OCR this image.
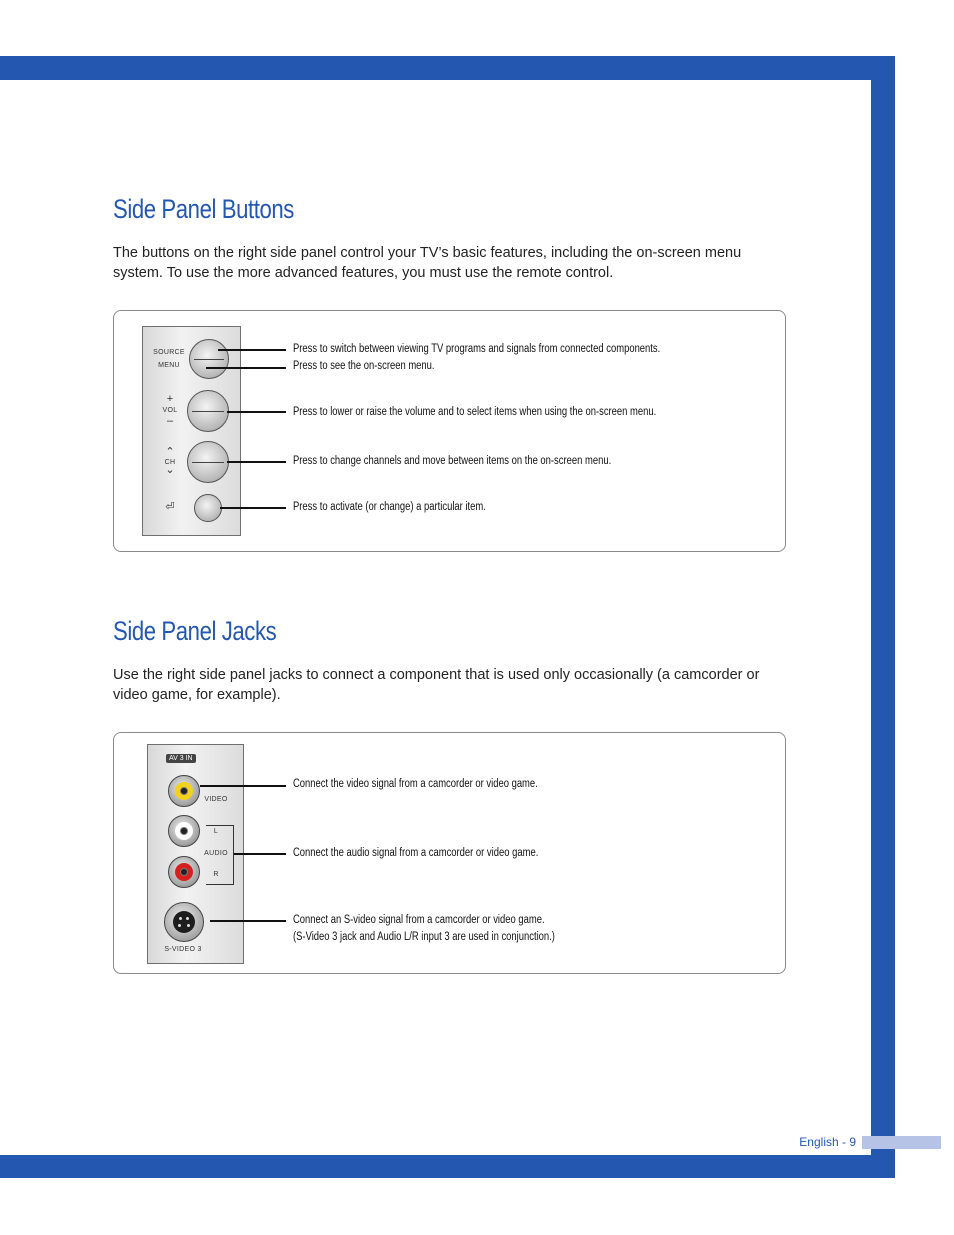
English - 9
Side Panel Buttons

The buttons on the right side panel control your TV’s basic features, including the on-screen menu system. To use the more advanced features, you must use the remote control.

SOURCE
MENU
+
VOL
–
⌃
CH
⌄
⏎

Press to switch between viewing TV programs and signals from connected components.

Press to see the on-screen menu.

Press to lower or raise the volume and to select items when using the on-screen menu.

Press to change channels and move between items on the on-screen menu.

Press to activate (or change) a particular item.

Side Panel Jacks

Use the right side panel jacks to connect a component that is used only occasionally (a camcorder or video game, for example).

AV 3 IN
VIDEO
L
AUDIO
R
S-VIDEO 3

Connect the video signal from a camcorder or video game.

Connect the audio signal from a camcorder or video game.

Connect an S-video signal from a camcorder or video game.

(S-Video 3 jack and Audio L/R input 3 are used in conjunction.)
